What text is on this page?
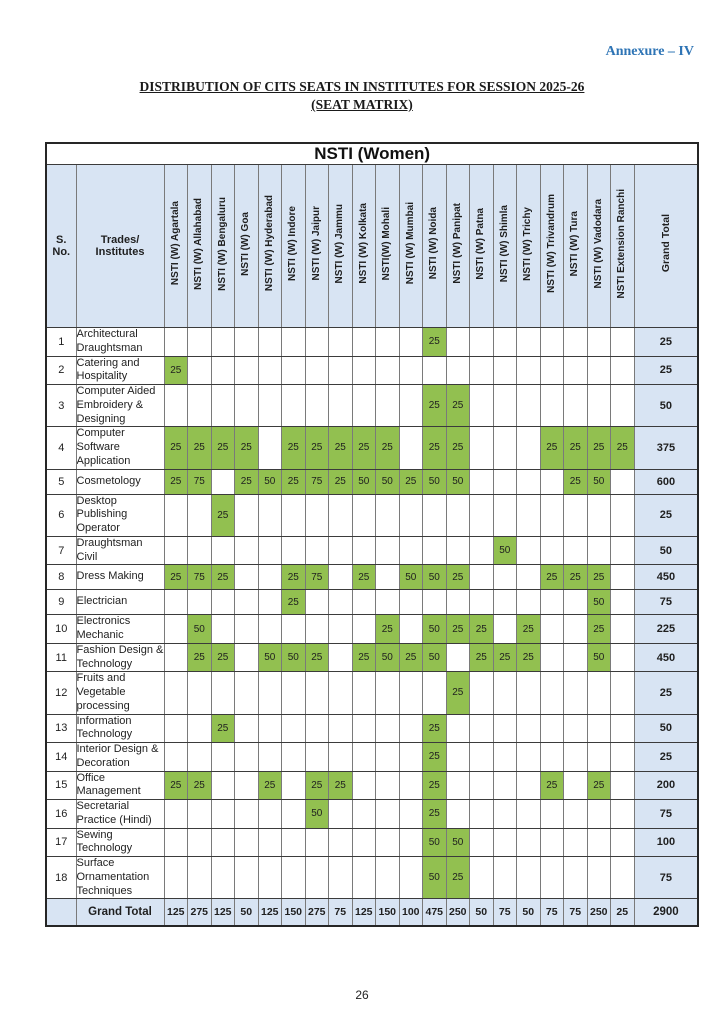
Annexure – IV
DISTRIBUTION OF CITS SEATS IN INSTITUTES FOR SESSION 2025-26
(SEAT MATRIX)
NSTI (Women)																						
S. No.	Trades/ Institutes	NSTI (W) Agartala	NSTI (W) Allahabad	NSTI (W) Bengaluru	NSTI (W) Goa	NSTI (W) Hyderabad	NSTI (W) Indore	NSTI (W) Jaipur	NSTI (W) Jammu	NSTI (W) Kolkata	NSTI(W) Mohali	NSTI (W) Mumbai	NSTI (W) Noida	NSTI (W) Panipat	NSTI (W) Patna	NSTI (W) Shimla	NSTI (W) Trichy	NSTI (W) Trivandrum	NSTI (W) Tura	NSTI (W) Vadodara	NSTI Extension Ranchi	Grand Total
1	Architectural Draughtsman												25									25
2	Catering and Hospitality	25																				25
3	Computer Aided Embroidery & Designing												25	25								50
4	Computer Software Application	25	25	25	25		25	25	25	25	25		25	25				25	25	25	25	375
5	Cosmetology	25	75		25	50	25	75	25	50	50	25	50	50					25	50		600
6	Desktop Publishing Operator			25																		25
7	Draughtsman Civil															50						50
8	Dress Making	25	75	25			25	75		25		50	50	25				25	25	25		450
9	Electrician						25													50		75
10	Electronics Mechanic		50								25		50	25	25		25			25		225
11	Fashion Design & Technology		25	25		50	50	25		25	50	25	50		25	25	25			50		450
12	Fruits and Vegetable processing													25								25
13	Information Technology			25									25									50
14	Interior Design & Decoration												25									25
15	Office Management	25	25			25		25	25				25					25		25		200
16	Secretarial Practice (Hindi)							50					25									75
17	Sewing Technology												50	50								100
18	Surface Ornamentation Techniques												50	25								75
	Grand Total	125	275	125	50	125	150	275	75	125	150	100	475	250	50	75	50	75	75	250	25	2900
26
